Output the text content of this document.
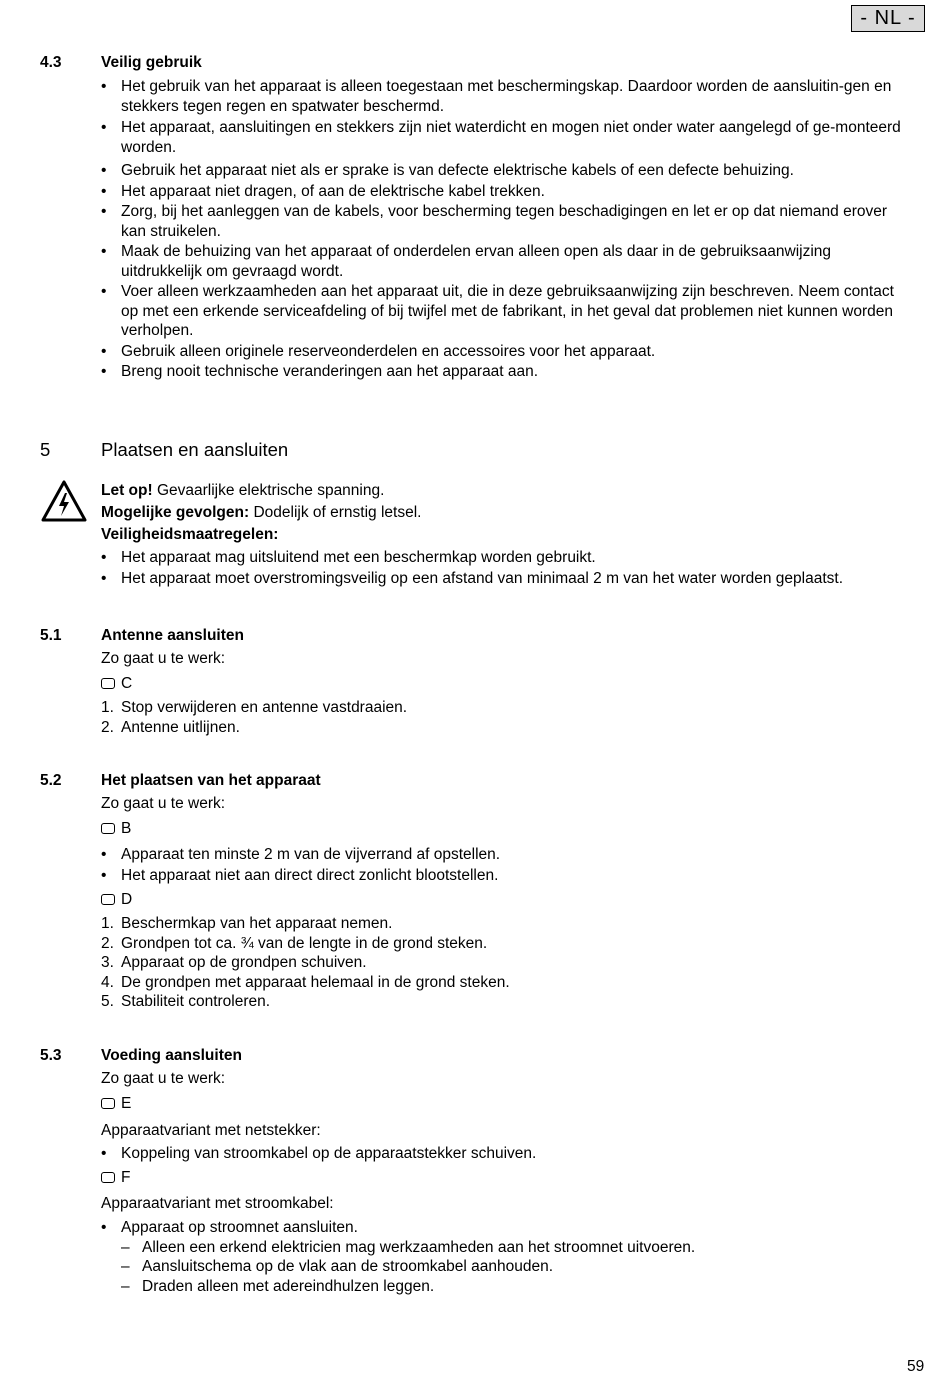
- NL -
4.3	Veilig gebruik
• Het gebruik van het apparaat is alleen toegestaan met beschermingskap. Daardoor worden de aansluitin-gen en stekkers tegen regen en spatwater beschermd.
• Het apparaat, aansluitingen en stekkers zijn niet waterdicht en mogen niet onder water aangelegd of ge-monteerd worden.
• Gebruik het apparaat niet als er sprake is van defecte elektrische kabels of een defecte behuizing.
• Het apparaat niet dragen, of aan de elektrische kabel trekken.
• Zorg, bij het aanleggen van de kabels, voor bescherming tegen beschadigingen en let er op dat niemand erover kan struikelen.
• Maak de behuizing van het apparaat of onderdelen ervan alleen open als daar in de gebruiksaanwijzing uitdrukkelijk om gevraagd wordt.
• Voer alleen werkzaamheden aan het apparaat uit, die in deze gebruiksaanwijzing zijn beschreven. Neem contact op met een erkende serviceafdeling of bij twijfel met de fabrikant, in het geval dat problemen niet kunnen worden verholpen.
• Gebruik alleen originele reserveonderdelen en accessoires voor het apparaat.
• Breng nooit technische veranderingen aan het apparaat aan.
5	Plaatsen en aansluiten
Let op! Gevaarlijke elektrische spanning.
Mogelijke gevolgen: Dodelijk of ernstig letsel.
Veiligheidsmaatregelen:
• Het apparaat mag uitsluitend met een beschermkap worden gebruikt.
• Het apparaat moet overstromingsveilig op een afstand van minimaal 2 m van het water worden geplaatst.
5.1	Antenne aansluiten
Zo gaat u te werk:
C
1. Stop verwijderen en antenne vastdraaien.
2. Antenne uitlijnen.
5.2	Het plaatsen van het apparaat
Zo gaat u te werk:
B
• Apparaat ten minste 2 m van de vijverrand af opstellen.
• Het apparaat niet aan direct direct zonlicht blootstellen.
D
1. Beschermkap van het apparaat nemen.
2. Grondpen tot ca. ¾ van de lengte in de grond steken.
3. Apparaat op de grondpen schuiven.
4. De grondpen met apparaat helemaal in de grond steken.
5. Stabiliteit controleren.
5.3	Voeding aansluiten
Zo gaat u te werk:
E
Apparaatvariant met netstekker:
• Koppeling van stroomkabel op de apparaatstekker schuiven.
F
Apparaatvariant met stroomkabel:
• Apparaat op stroomnet aansluiten.
– Alleen een erkend elektricien mag werkzaamheden aan het stroomnet uitvoeren.
– Aansluitschema op de vlak aan de stroomkabel aanhouden.
– Draden alleen met adereindhulzen leggen.
59
